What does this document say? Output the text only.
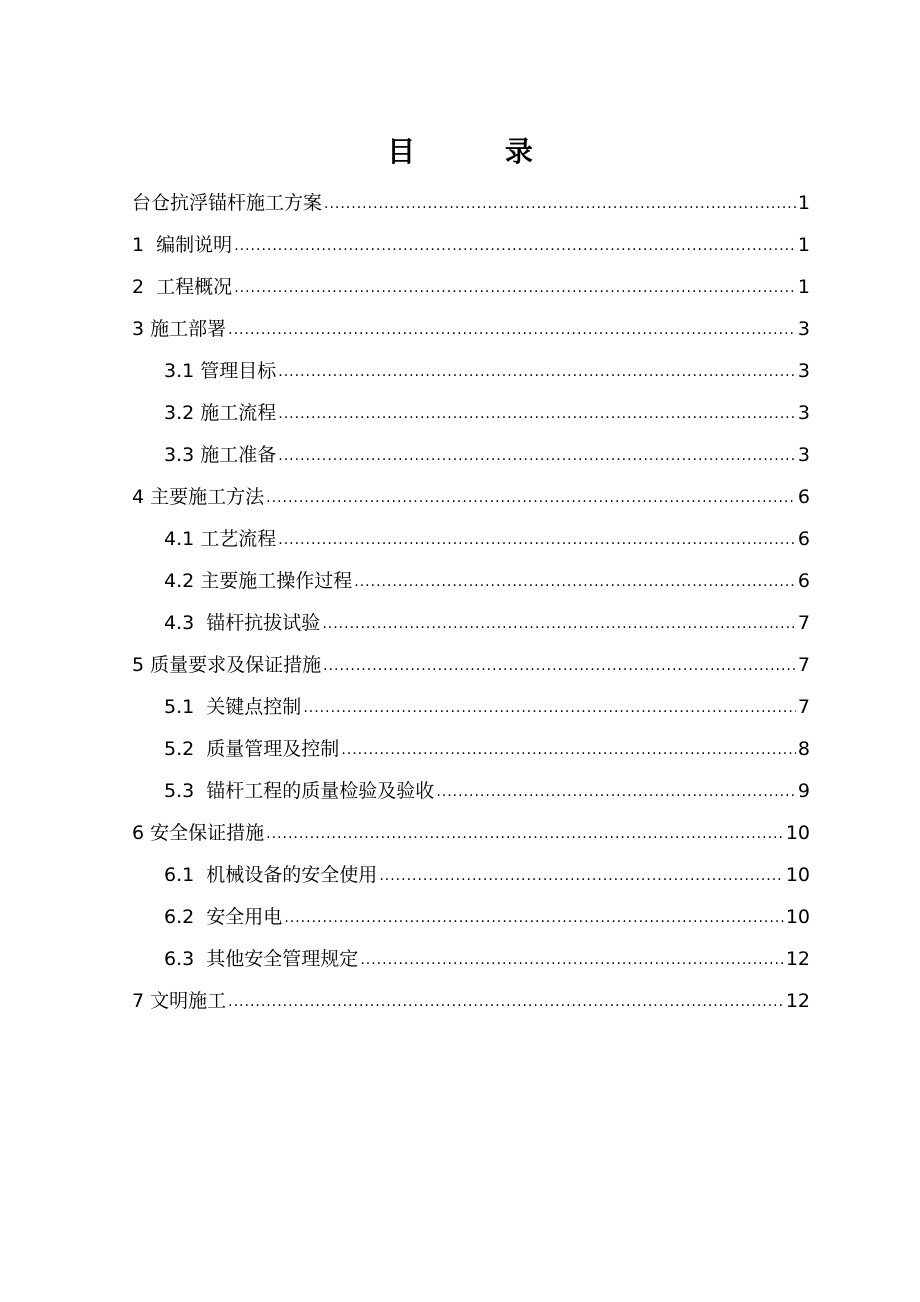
目 录
台仓抗浮锚杆施工方案 .....	1
1 编制说明 .....	1
2 工程概况 .....	1
3 施工部署 .....	3
3.1 管理目标 .....	3
3.2 施工流程 .....	3
3.3 施工准备 .....	3
4 主要施工方法 .....	6
4.1 工艺流程 .....	6
4.2 主要施工操作过程 .....	6
4.3 锚杆抗拔试验 .....	7
5 质量要求及保证措施 .....	7
5.1 关键点控制 .....	7
5.2 质量管理及控制 .....	8
5.3 锚杆工程的质量检验及验收 .....	9
6 安全保证措施 .....	10
6.1 机械设备的安全使用 .....	10
6.2 安全用电 .....	10
6.3 其他安全管理规定 .....	12
7 文明施工 .....	12
